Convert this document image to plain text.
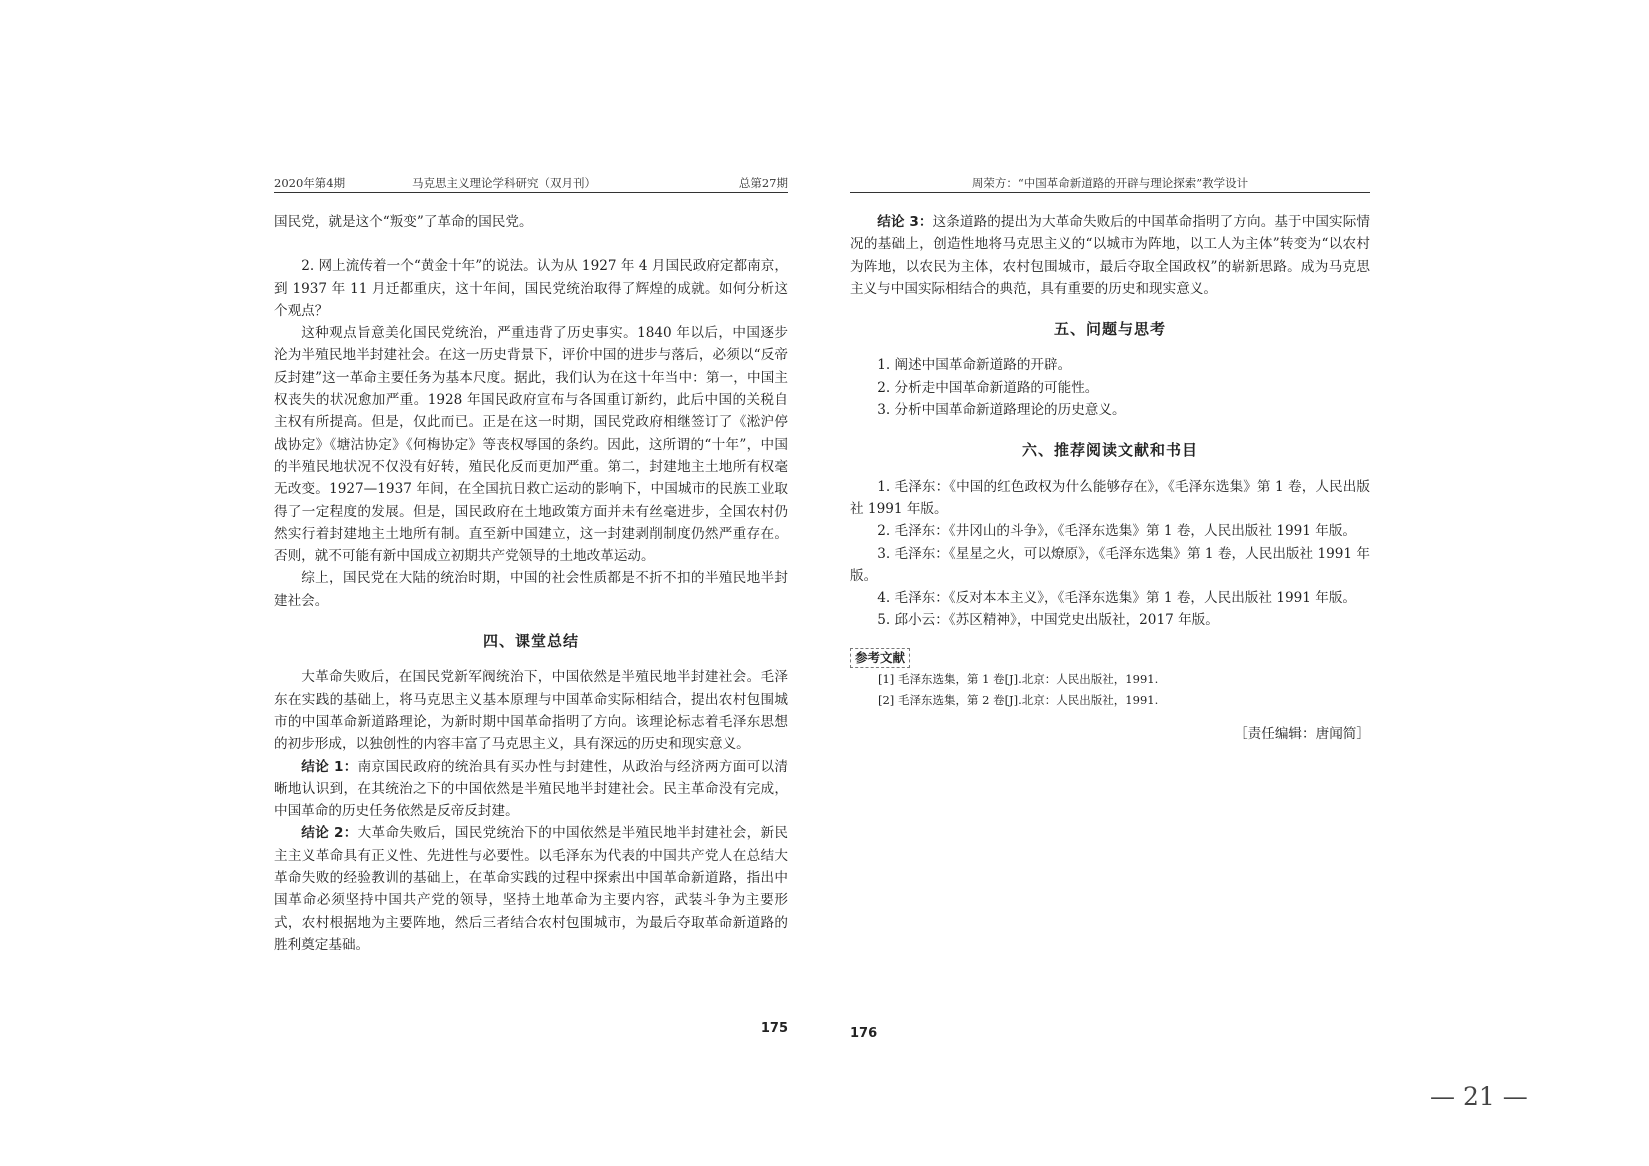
2020年第4期	马克思主义理论学科研究（双月刊）	总第27期

国民党，就是这个“叛变”了革命的国民党。

2. 网上流传着一个“黄金十年”的说法。认为从 1927 年 4 月国民政府定都南京，到 1937 年 11 月迁都重庆，这十年间，国民党统治取得了辉煌的成就。如何分析这个观点？

这种观点旨意美化国民党统治，严重违背了历史事实。1840 年以后，中国逐步沦为半殖民地半封建社会。在这一历史背景下，评价中国的进步与落后，必须以“反帝反封建”这一革命主要任务为基本尺度。据此，我们认为在这十年当中：第一，中国主权丧失的状况愈加严重。1928 年国民政府宣布与各国重订新约，此后中国的关税自主权有所提高。但是，仅此而已。正是在这一时期，国民党政府相继签订了《淞沪停战协定》《塘沽协定》《何梅协定》等丧权辱国的条约。因此，这所谓的“十年”，中国的半殖民地状况不仅没有好转，殖民化反而更加严重。第二，封建地主土地所有权毫无改变。1927—1937 年间，在全国抗日救亡运动的影响下，中国城市的民族工业取得了一定程度的发展。但是，国民政府在土地政策方面并未有丝毫进步，全国农村仍然实行着封建地主土地所有制。直至新中国建立，这一封建剥削制度仍然严重存在。否则，就不可能有新中国成立初期共产党领导的土地改革运动。

综上，国民党在大陆的统治时期，中国的社会性质都是不折不扣的半殖民地半封建社会。

四、课堂总结

大革命失败后，在国民党新军阀统治下，中国依然是半殖民地半封建社会。毛泽东在实践的基础上，将马克思主义基本原理与中国革命实际相结合，提出农村包围城市的中国革命新道路理论，为新时期中国革命指明了方向。该理论标志着毛泽东思想的初步形成，以独创性的内容丰富了马克思主义，具有深远的历史和现实意义。

结论 1：南京国民政府的统治具有买办性与封建性，从政治与经济两方面可以清晰地认识到，在其统治之下的中国依然是半殖民地半封建社会。民主革命没有完成，中国革命的历史任务依然是反帝反封建。

结论 2：大革命失败后，国民党统治下的中国依然是半殖民地半封建社会，新民主主义革命具有正义性、先进性与必要性。以毛泽东为代表的中国共产党人在总结大革命失败的经验教训的基础上，在革命实践的过程中探索出中国革命新道路，指出中国革命必须坚持中国共产党的领导，坚持土地革命为主要内容，武装斗争为主要形式，农村根据地为主要阵地，然后三者结合农村包围城市，为最后夺取革命新道路的胜利奠定基础。

175
周荣方：“中国革命新道路的开辟与理论探索”教学设计

结论 3：这条道路的提出为大革命失败后的中国革命指明了方向。基于中国实际情况的基础上，创造性地将马克思主义的“以城市为阵地，以工人为主体”转变为“以农村为阵地，以农民为主体，农村包围城市，最后夺取全国政权”的崭新思路。成为马克思主义与中国实际相结合的典范，具有重要的历史和现实意义。

五、问题与思考

1. 阐述中国革命新道路的开辟。

2. 分析走中国革命新道路的可能性。

3. 分析中国革命新道路理论的历史意义。

六、推荐阅读文献和书目

1. 毛泽东：《中国的红色政权为什么能够存在》，《毛泽东选集》第 1 卷，人民出版社 1991 年版。

2. 毛泽东：《井冈山的斗争》，《毛泽东选集》第 1 卷，人民出版社 1991 年版。

3. 毛泽东：《星星之火，可以燎原》，《毛泽东选集》第 1 卷，人民出版社 1991 年版。

4. 毛泽东：《反对本本主义》，《毛泽东选集》第 1 卷，人民出版社 1991 年版。

5. 邱小云：《苏区精神》，中国党史出版社，2017 年版。

参考文献
[1] 毛泽东选集，第 1 卷[J].北京：人民出版社，1991.
[2] 毛泽东选集，第 2 卷[J].北京：人民出版社，1991.
［责任编辑：唐闻简］
176
— 21 —
